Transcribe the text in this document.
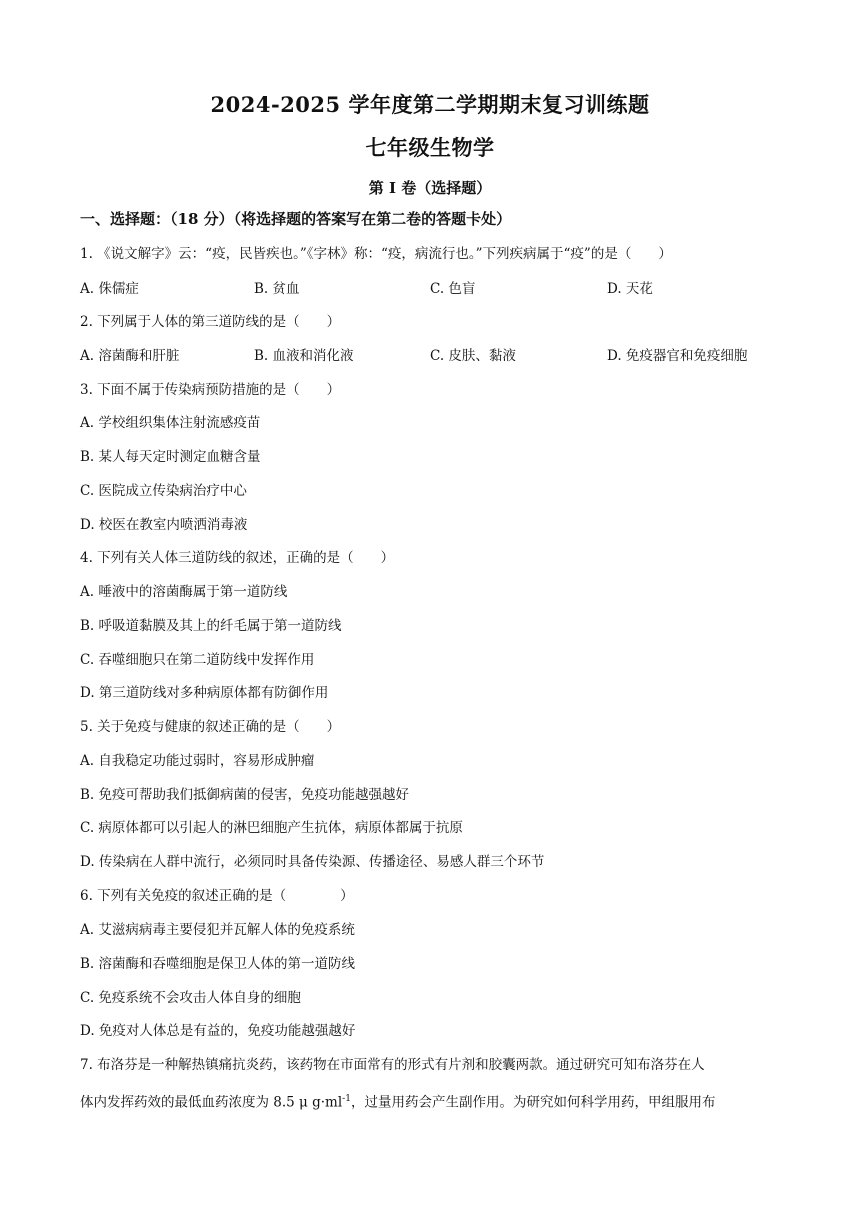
2024-2025 学年度第二学期期末复习训练题
七年级生物学
第 I 卷（选择题）
一、选择题：（18 分）（将选择题的答案写在第二卷的答题卡处）
1. 《说文解字》云：“疫，民皆疾也。”《字林》称：“疫，病流行也。”下列疾病属于“疫”的是（　　）
A. 侏儒症	B. 贫血	C. 色盲	D. 天花
2. 下列属于人体的第三道防线的是（　　）
A. 溶菌酶和肝脏	B. 血液和消化液	C. 皮肤、黏液	D. 免疫器官和免疫细胞
3. 下面不属于传染病预防措施的是（　　）
A. 学校组织集体注射流感疫苗
B. 某人每天定时测定血糖含量
C. 医院成立传染病治疗中心
D. 校医在教室内喷洒消毒液
4. 下列有关人体三道防线的叙述，正确的是（　　）
A. 唾液中的溶菌酶属于第一道防线
B. 呼吸道黏膜及其上的纤毛属于第一道防线
C. 吞噬细胞只在第二道防线中发挥作用
D. 第三道防线对多种病原体都有防御作用
5. 关于免疫与健康的叙述正确的是（　　）
A. 自我稳定功能过弱时，容易形成肿瘤
B. 免疫可帮助我们抵御病菌的侵害，免疫功能越强越好
C. 病原体都可以引起人的淋巴细胞产生抗体，病原体都属于抗原
D. 传染病在人群中流行，必须同时具备传染源、传播途径、易感人群三个环节
6. 下列有关免疫的叙述正确的是（　　　　）
A. 艾滋病病毒主要侵犯并瓦解人体的免疫系统
B. 溶菌酶和吞噬细胞是保卫人体的第一道防线
C. 免疫系统不会攻击人体自身的细胞
D. 免疫对人体总是有益的，免疫功能越强越好
7. 布洛芬是一种解热镇痛抗炎药，该药物在市面常有的形式有片剂和胶囊两款。通过研究可知布洛芬在人
体内发挥药效的最低血药浓度为 8.5 μ $g\cdot ml^{-1}$，过量用药会产生副作用。为研究如何科学用药，甲组服用布
